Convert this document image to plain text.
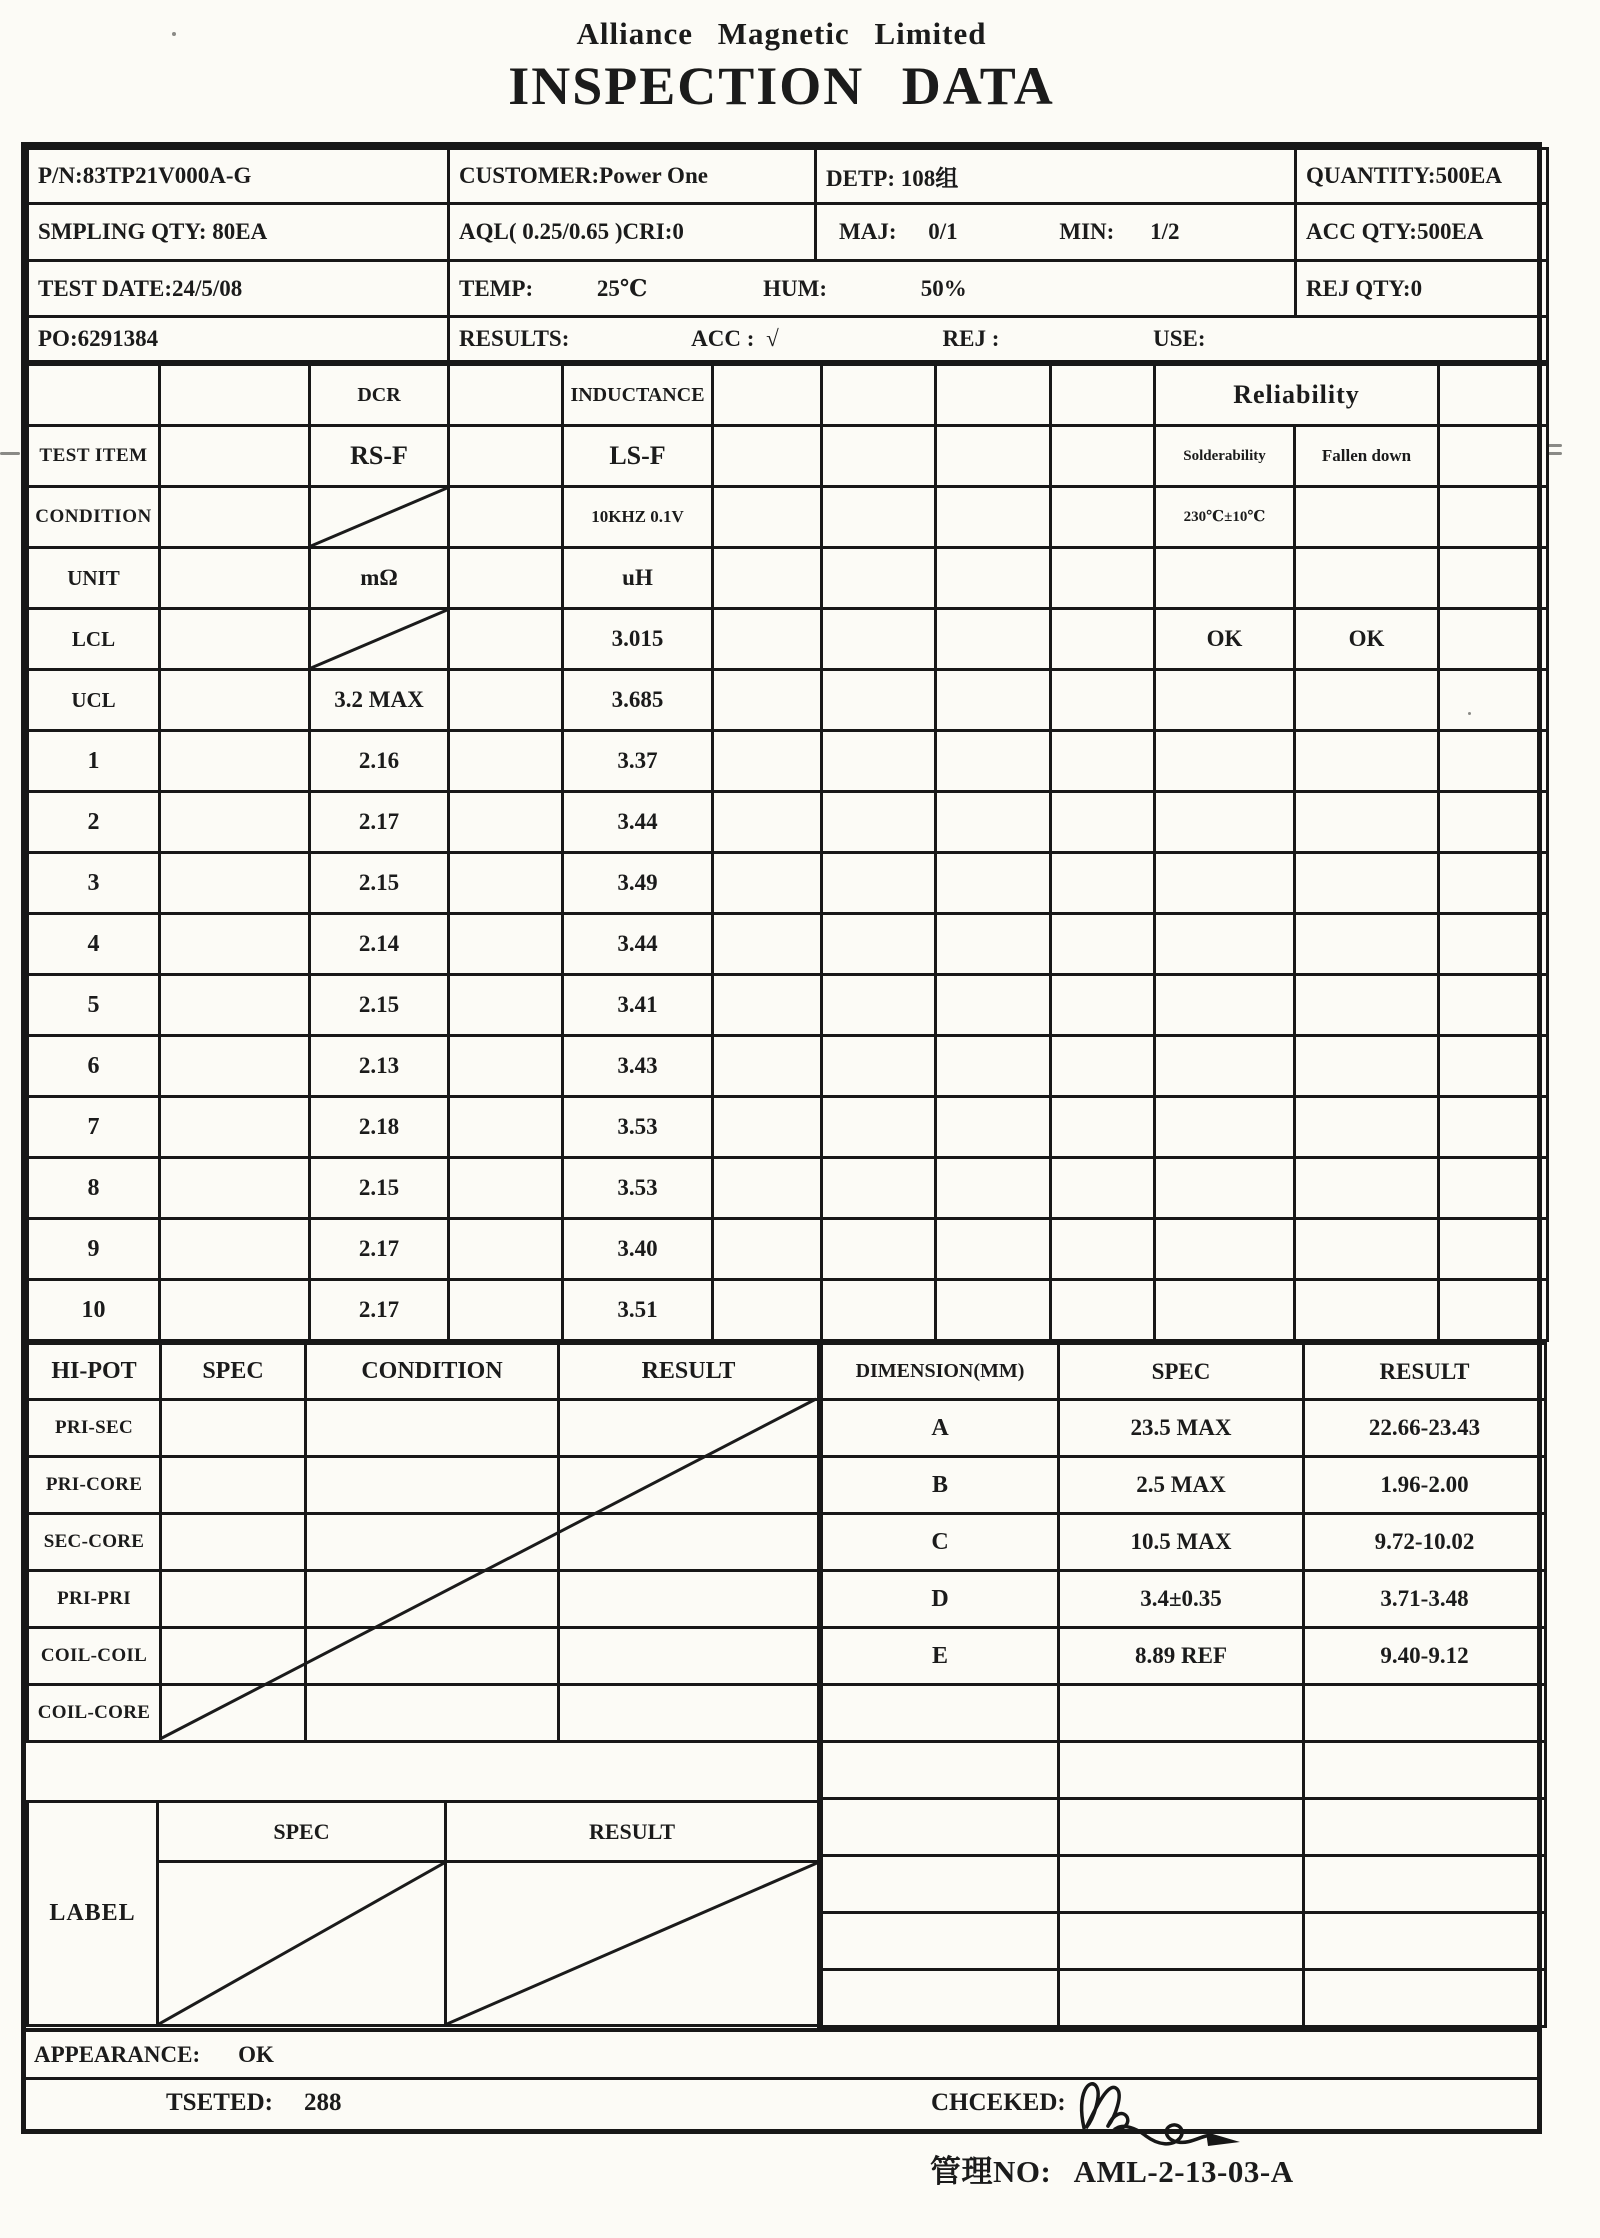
Alliance Magnetic Limited
INSPECTION DATA
P/N:83TP21V000A-G	CUSTOMER:Power One	DETP: 108组	QUANTITY:500EA
SMPLING QTY: 80EA	AQL( 0.25/0.65 )CRI:0	MAJ: 0/1 MIN: 1/2	ACC QTY:500EA
TEST DATE:24/5/08	TEMP: 25℃ HUM: 50%		REJ QTY:0
PO:6291384	RESULTS: ACC : √ REJ : USE:		
		DCR		INDUCTANCE					Reliability		
TEST ITEM		RS-F		LS-F					Solderability	Fallen down	
CONDITION				10KHZ 0.1V					230℃±10℃		
UNIT		mΩ		uH							
LCL				3.015					OK	OK	
UCL		3.2 MAX		3.685							
1		2.16		3.37							
2		2.17		3.44							
3		2.15		3.49							
4		2.14		3.44							
5		2.15		3.41							
6		2.13		3.43							
7		2.18		3.53							
8		2.15		3.53							
9		2.17		3.40							
10		2.17		3.51							
HI-POT	SPEC	CONDITION	RESULT
PRI-SEC			
PRI-CORE			
SEC-CORE			
PRI-PRI			
COIL-COIL			
COIL-CORE			
LABEL	SPEC	RESULT

DIMENSION(MM)	SPEC	RESULT
A	23.5 MAX	22.66-23.43
B	2.5 MAX	1.96-2.00
C	10.5 MAX	9.72-10.02
D	3.4±0.35	3.71-3.48
E	8.89 REF	9.40-9.12

APPEARANCE: OK
TSETED: 288	CHCEKED:
管理NO: AML-2-13-03-A
